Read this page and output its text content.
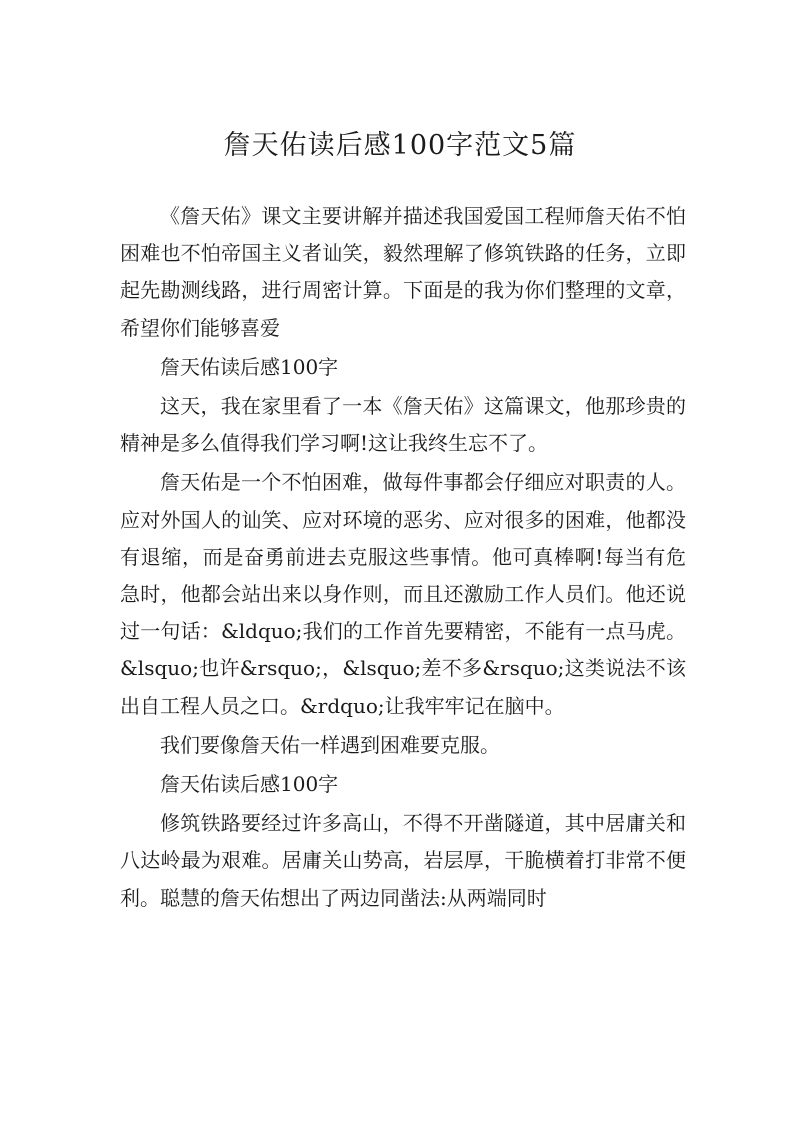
詹天佑读后感100字范文5篇

《詹天佑》课文主要讲解并描述我国爱国工程师詹天佑不怕困难也不怕帝国主义者讪笑，毅然理解了修筑铁路的任务，立即起先勘测线路，进行周密计算。下面是的我为你们整理的文章，希望你们能够喜爱

詹天佑读后感100字

这天，我在家里看了一本《詹天佑》这篇课文，他那珍贵的精神是多么值得我们学习啊!这让我终生忘不了。

詹天佑是一个不怕困难，做每件事都会仔细应对职责的人。应对外国人的讪笑、应对环境的恶劣、应对很多的困难，他都没有退缩，而是奋勇前进去克服这些事情。他可真棒啊!每当有危急时，他都会站出来以身作则，而且还激励工作人员们。他还说过一句话：&ldquo;我们的工作首先要精密，不能有一点马虎。&lsquo;也许&rsquo;，&lsquo;差不多&rsquo;这类说法不该出自工程人员之口。&rdquo;让我牢牢记在脑中。

我们要像詹天佑一样遇到困难要克服。

詹天佑读后感100字

修筑铁路要经过许多高山，不得不开凿隧道，其中居庸关和八达岭最为艰难。居庸关山势高，岩层厚，干脆横着打非常不便利。聪慧的詹天佑想出了两边同凿法:从两端同时
